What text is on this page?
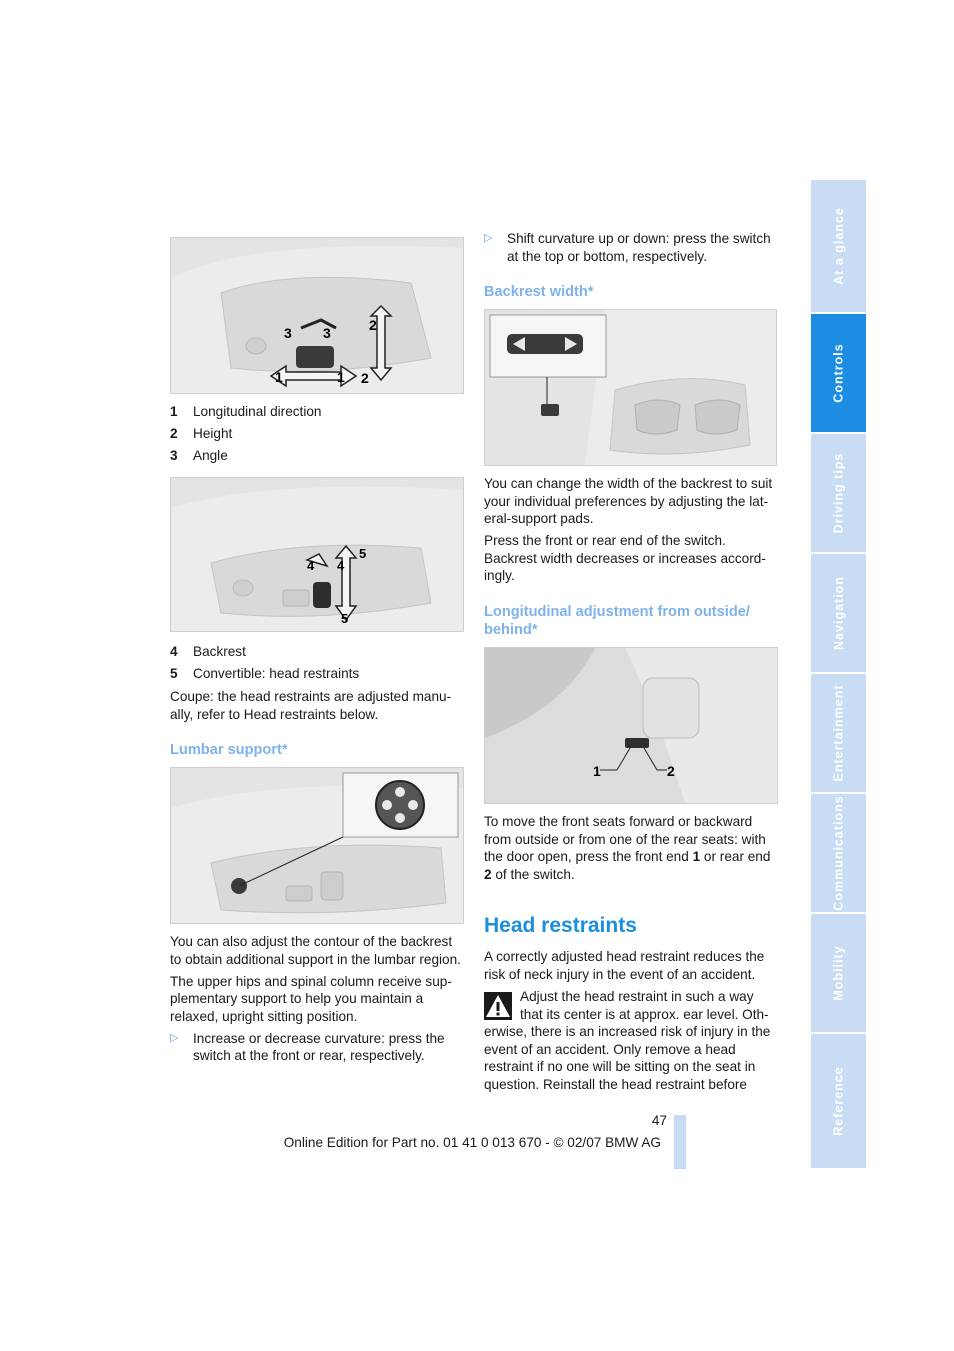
1	1
2
2
3 3
1 Longitudinal direction
2 Height
3 Angle
4 4
5
5
4 Backrest
5 Convertible: head restraints
Coupe: the head restraints are adjusted manu-ally, refer to Head restraints below.
Lumbar support*

You can also adjust the contour of the backrest to obtain additional support in the lumbar region.

The upper hips and spinal column receive sup-plementary support to help you maintain a relaxed, upright sitting position.

▷ Increase or decrease curvature: press the switch at the front or rear, respectively.
▷ Shift curvature up or down: press the switch at the top or bottom, respectively.
Backrest width*

You can change the width of the backrest to suit your individual preferences by adjusting the lat-eral-support pads.

Press the front or rear end of the switch. Backrest width decreases or increases accord-ingly.

Longitudinal adjustment from outside/ behind*
1	2
To move the front seats forward or backward from outside or from one of the rear seats: with the door open, press the front end 1 or rear end 2 of the switch.
Head restraints
A correctly adjusted head restraint reduces the risk of neck injury in the event of an accident.
Adjust the head restraint in such a way that its center is at approx. ear level. Oth-erwise, there is an increased risk of injury in the event of an accident. Only remove a head restraint if no one will be sitting on the seat in question. Reinstall the head restraint before
47
Online Edition for Part no. 01 41 0 013 670 - © 02/07 BMW AG
At a glance
Controls
Driving tips
Navigation
Entertainment
Communications
Mobility
Reference
